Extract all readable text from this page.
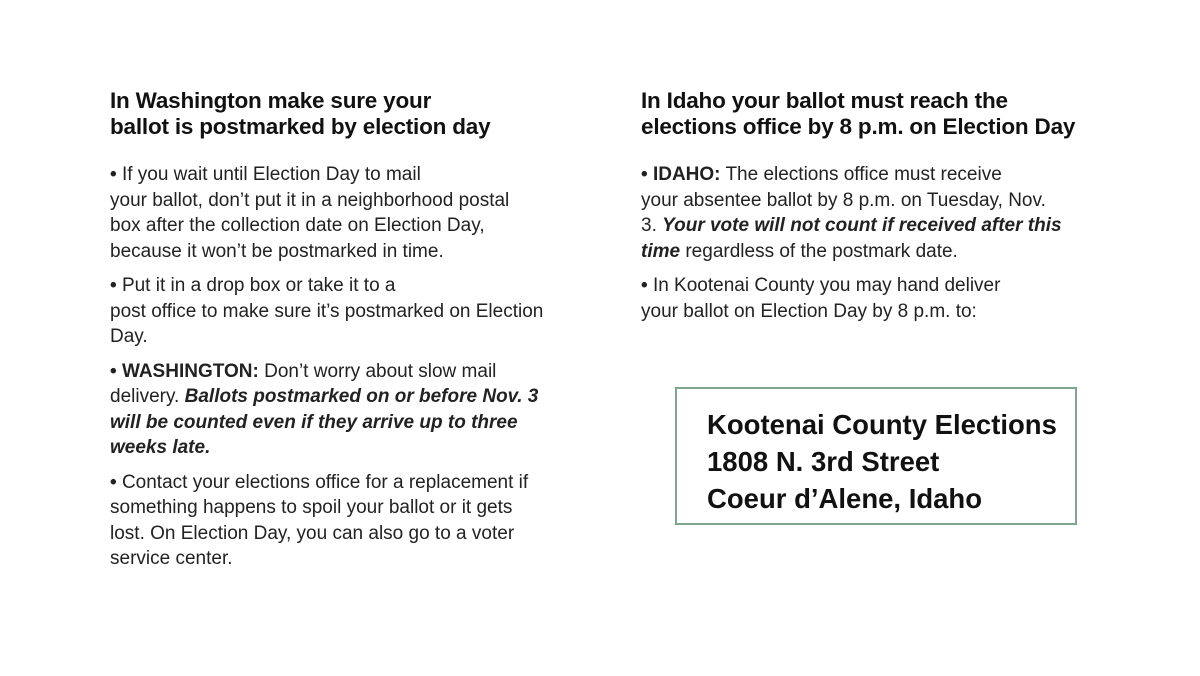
In Washington make sure your
ballot is postmarked by election day

• If you wait until Election Day to mail
your ballot, don’t put it in a neighborhood postal
box after the collection date on Election Day,
because it won’t be postmarked in time.

• Put it in a drop box or take it to a
post office to make sure it’s postmarked on Election
Day.

• WASHINGTON: Don’t worry about slow mail
delivery. Ballots postmarked on or before Nov. 3
will be counted even if they arrive up to three
weeks late.

• Contact your elections office for a replacement if
something happens to spoil your ballot or it gets
lost. On Election Day, you can also go to a voter
service center.

In Idaho your ballot must reach the
elections office by 8 p.m. on Election Day

• IDAHO: The elections office must receive
your absentee ballot by 8 p.m. on Tuesday, Nov.
3. Your vote will not count if received after this
time regardless of the postmark date.

• In Kootenai County you may hand deliver
your ballot on Election Day by 8 p.m. to:

Kootenai County Elections
1808 N. 3rd Street
Coeur d’Alene, Idaho
